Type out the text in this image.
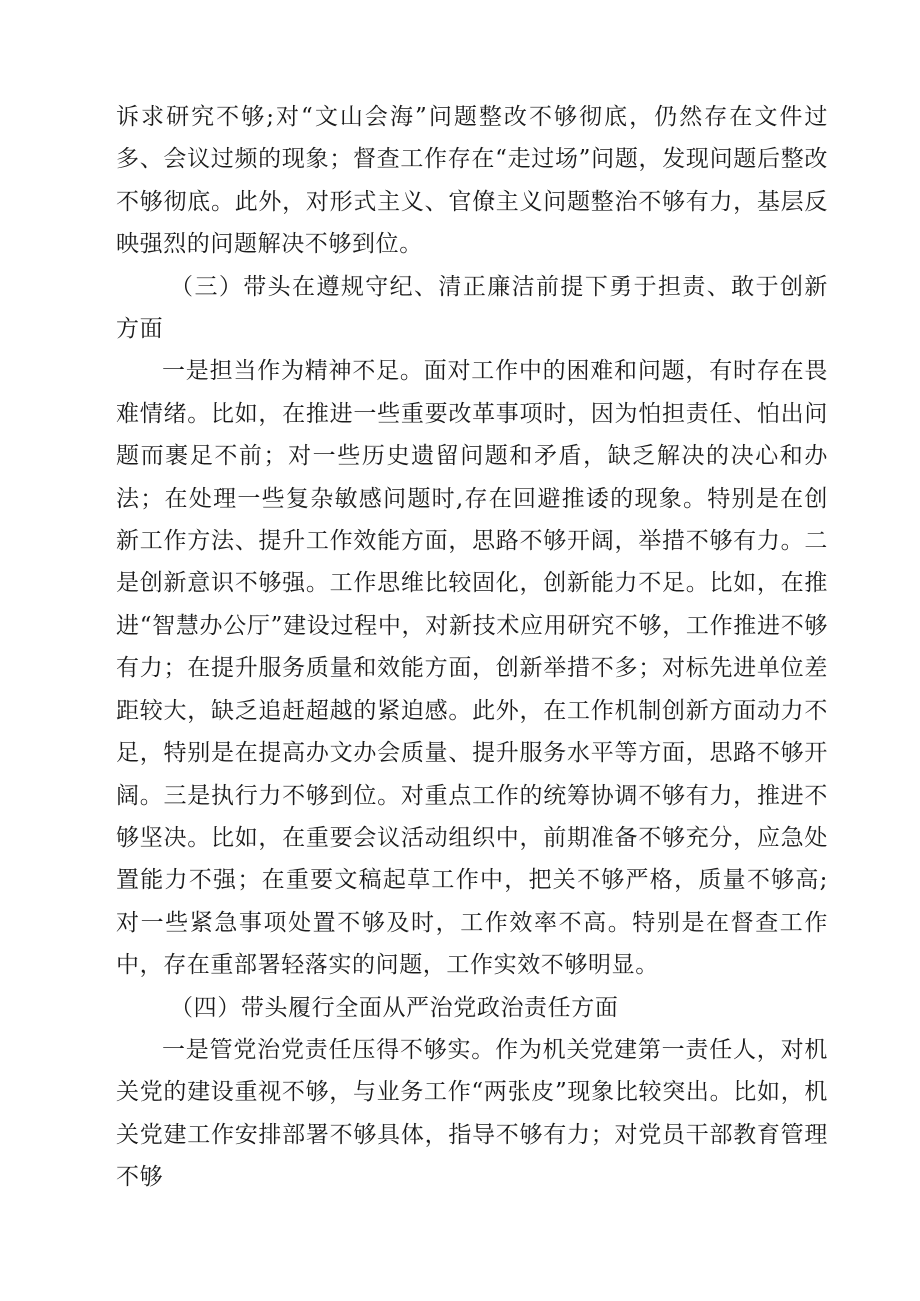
诉求研究不够;对“文山会海”问题整改不够彻底，仍然存在文件过多、会议过频的现象；督查工作存在“走过场”问题，发现问题后整改不够彻底。此外，对形式主义、官僚主义问题整治不够有力，基层反映强烈的问题解决不够到位。

（三）带头在遵规守纪、清正廉洁前提下勇于担责、敢于创新方面

一是担当作为精神不足。面对工作中的困难和问题，有时存在畏难情绪。比如，在推进一些重要改革事项时，因为怕担责任、怕出问题而裹足不前；对一些历史遗留问题和矛盾，缺乏解决的决心和办法；在处理一些复杂敏感问题时,存在回避推诿的现象。特别是在创新工作方法、提升工作效能方面，思路不够开阔，举措不够有力。二是创新意识不够强。工作思维比较固化，创新能力不足。比如，在推进“智慧办公厅”建设过程中，对新技术应用研究不够，工作推进不够有力；在提升服务质量和效能方面，创新举措不多；对标先进单位差距较大，缺乏追赶超越的紧迫感。此外，在工作机制创新方面动力不足，特别是在提高办文办会质量、提升服务水平等方面，思路不够开阔。三是执行力不够到位。对重点工作的统筹协调不够有力，推进不够坚决。比如，在重要会议活动组织中，前期准备不够充分，应急处置能力不强；在重要文稿起草工作中，把关不够严格，质量不够高;对一些紧急事项处置不够及时，工作效率不高。特别是在督查工作中，存在重部署轻落实的问题，工作实效不够明显。

（四）带头履行全面从严治党政治责任方面

一是管党治党责任压得不够实。作为机关党建第一责任人，对机关党的建设重视不够，与业务工作“两张皮”现象比较突出。比如，机关党建工作安排部署不够具体，指导不够有力；对党员干部教育管理不够
